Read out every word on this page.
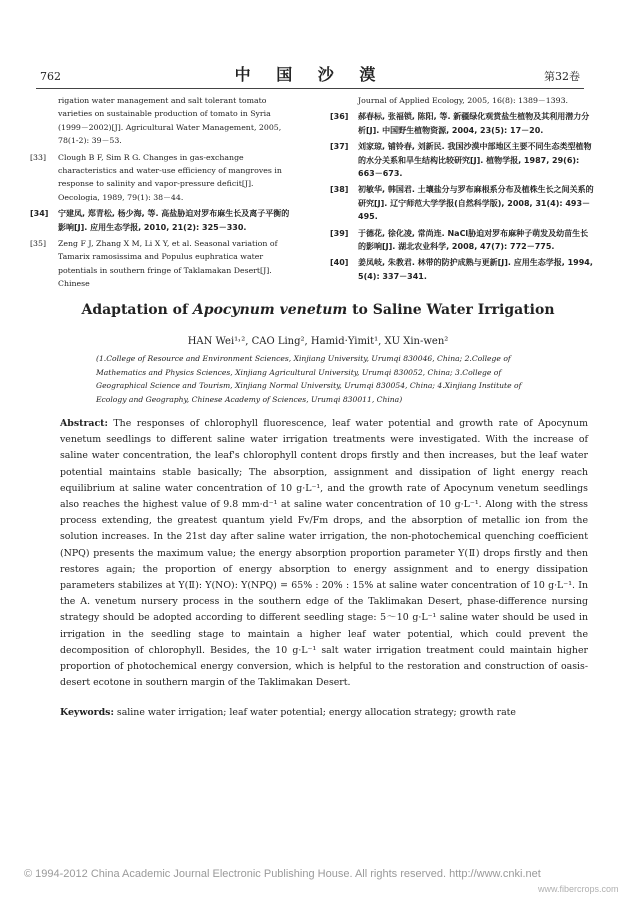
762	中 国 沙 漠	第32卷
rigation water management and salt tolerant tomato varieties on sustainable production of tomato in Syria (1999－2002)[J]. Agricultural Water Management, 2005, 78(1-2): 39－53.
[33] Clough B F, Sim R G. Changes in gas-exchange characteristics and water-use efficiency of mangroves in response to salinity and vapor-pressure deficit[J]. Oecologia, 1989, 79(1): 38－44.
[34] 宁建凤, 郑青松, 杨少海, 等. 高盐胁迫对罗布麻生长及离子平衡的影响[J]. 应用生态学报, 2010, 21(2): 325－330.
[35] Zeng F J, Zhang X M, Li X Y, et al. Seasonal variation of Tamarix ramosissima and Populus euphratica water potentials in southern fringe of Taklamakan Desert[J]. Chinese
Journal of Applied Ecology, 2005, 16(8): 1389－1393.
[36] 郝春标, 张福锁, 陈阳, 等. 新疆绿化观赏盐生植物及其利用潜力分析[J]. 中国野生植物资源, 2004, 23(5): 17－20.
[37] 刘家琼, 铺铃春, 刘新民. 我国沙漠中部地区主要不同生态类型植物的水分关系和旱生结构比较研究[J]. 植物学报, 1987, 29(6): 663－673.
[38] 初敏华, 韩国君. 土壤盐分与罗布麻根系分布及植株生长之间关系的研究[J]. 辽宁师范大学学报(自然科学版), 2008, 31(4): 493－495.
[39] 于德花, 徐化凌, 常尚连. NaCl胁迫对罗布麻种子萌发及幼苗生长的影响[J]. 湖北农业科学, 2008, 47(7): 772－775.
[40] 姜凤岐, 朱教君. 林带的防护成熟与更新[J]. 应用生态学报, 1994, 5(4): 337－341.
Adaptation of Apocynum venetum to Saline Water Irrigation
HAN Wei¹˒², CAO Ling², Hamid·Yimit¹, XU Xin-wen²
(1.College of Resource and Environment Sciences, Xinjiang University, Urumqi 830046, China; 2.College of Mathematics and Physics Sciences, Xinjiang Agricultural University, Urumqi 830052, China; 3.College of Geographical Science and Tourism, Xinjiang Normal University, Urumqi 830054, China; 4.Xinjiang Institute of Ecology and Geography, Chinese Academy of Sciences, Urumqi 830011, China)
Abstract: The responses of chlorophyll fluorescence, leaf water potential and growth rate of Apocynum venetum seedlings to different saline water irrigation treatments were investigated. With the increase of saline water concentration, the leaf's chlorophyll content drops firstly and then increases, but the leaf water potential maintains stable basically; The absorption, assignment and dissipation of light energy reach equilibrium at saline water concentration of 10 g·L⁻¹, and the growth rate of Apocynum venetum seedlings also reaches the highest value of 9.8 mm·d⁻¹ at saline water concentration of 10 g·L⁻¹. Along with the stress process extending, the greatest quantum yield Fv/Fm drops, and the absorption of metallic ion from the solution increases. In the 21st day after saline water irrigation, the non-photochemical quenching coefficient (NPQ) presents the maximum value; the energy absorption proportion parameter Y(Ⅱ) drops firstly and then restores again; the proportion of energy absorption to energy assignment and to energy dissipation parameters stabilizes at Y(Ⅱ): Y(NO): Y(NPQ) = 65% : 20% : 15% at saline water concentration of 10 g·L⁻¹. In the A. venetum nursery process in the southern edge of the Taklimakan Desert, phase-difference nursing strategy should be adopted according to different seedling stage: 5～10 g·L⁻¹ saline water should be used in irrigation in the seedling stage to maintain a higher leaf water potential, which could prevent the decomposition of chlorophyll. Besides, the 10 g·L⁻¹ salt water irrigation treatment could maintain higher proportion of photochemical energy conversion, which is helpful to the restoration and construction of oasis-desert ecotone in southern margin of the Taklimakan Desert.
Keywords: saline water irrigation; leaf water potential; energy allocation strategy; growth rate
© 1994-2012 China Academic Journal Electronic Publishing House. All rights reserved. http://www.cnki.net
www.fibercrops.com
